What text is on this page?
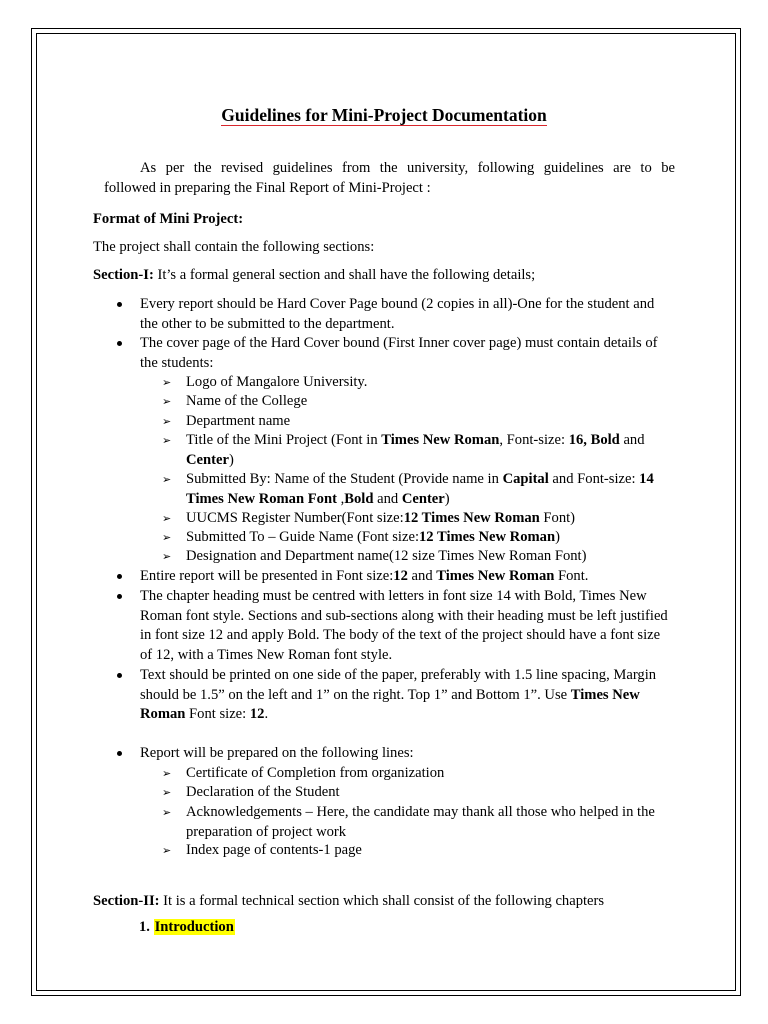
Guidelines for Mini-Project Documentation
As per the revised guidelines from the university, following guidelines are to be
followed in preparing the Final Report of Mini-Project :
Format of Mini Project:
The project shall contain the following sections:
Section-I: It’s a formal general section and shall have the following details;
Every report should be Hard Cover Page bound (2 copies in all)-One for the student and the other to be submitted to the department.
The cover page of the Hard Cover bound (First Inner cover page) must contain details of the students:
➢ Logo of Mangalore University.
➢ Name of the College
➢ Department name
➢ Title of the Mini Project (Font in Times New Roman, Font-size: 16, Bold and Center)
➢ Submitted By: Name of the Student (Provide name in Capital and Font-size: 14 Times New Roman Font ,Bold and Center)
➢ UUCMS Register Number(Font size:12 Times New Roman Font)
➢ Submitted To – Guide Name (Font size:12 Times New Roman)
➢ Designation and Department name(12 size Times New Roman Font)
Entire report will be presented in Font size:12 and Times New Roman Font.
The chapter heading must be centred with letters in font size 14 with Bold, Times New Roman font style. Sections and sub-sections along with their heading must be left justified in font size 12 and apply Bold. The body of the text of the project should have a font size of 12, with a Times New Roman font style.
Text should be printed on one side of the paper, preferably with 1.5 line spacing, Margin should be 1.5” on the left and 1” on the right. Top 1” and Bottom 1”. Use Times New Roman Font size: 12.
Report will be prepared on the following lines:
➢ Certificate of Completion from organization
➢ Declaration of the Student
➢ Acknowledgements – Here, the candidate may thank all those who helped in the preparation of project work
➢ Index page of contents-1 page
Section-II: It is a formal technical section which shall consist of the following chapters
1. Introduction
